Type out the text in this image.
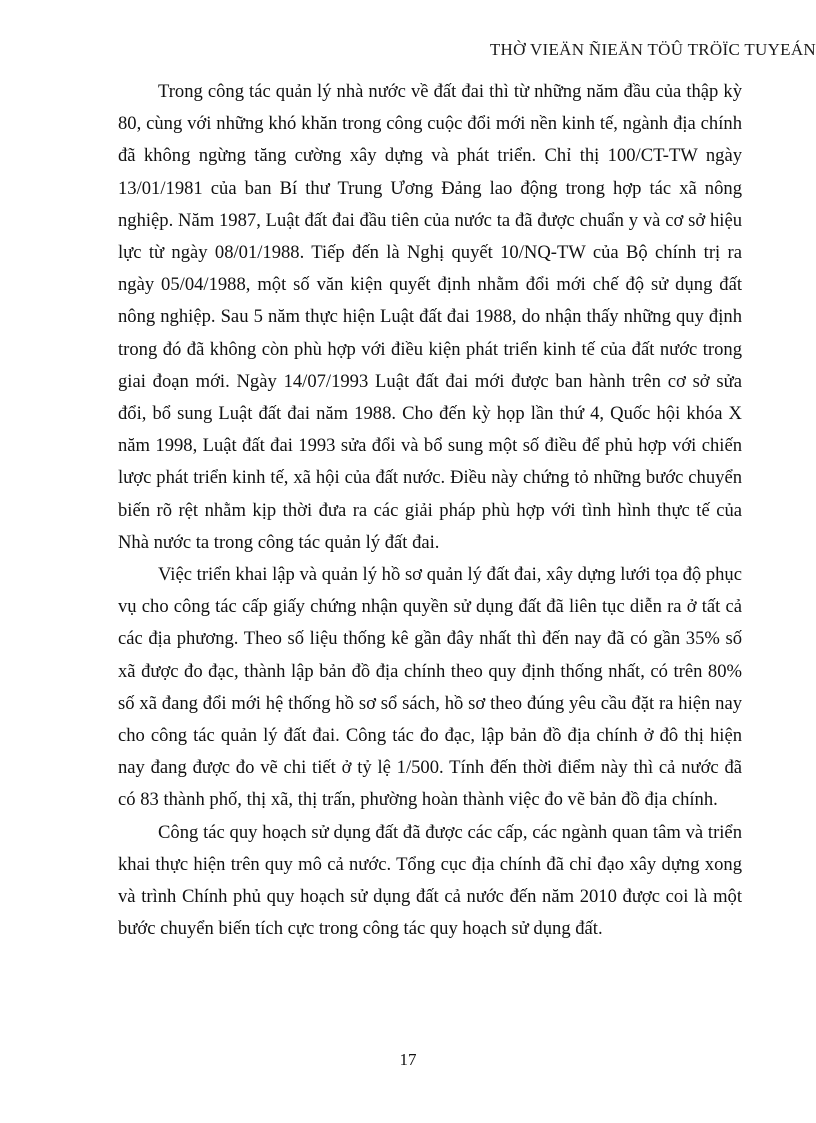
THỜ VIEÄN ÑIEÄN TÖÛ TRÖÏC TUYEÁN

Trong công tác quản lý nhà nước về đất đai thì từ những năm đầu của thập kỳ 80, cùng với những khó khăn trong công cuộc đổi mới nền kinh tế, ngành địa chính đã không ngừng tăng cường xây dựng và phát triển. Chỉ thị 100/CT-TW ngày 13/01/1981 của ban Bí thư Trung Ương Đảng lao động trong hợp tác xã nông nghiệp. Năm 1987, Luật đất đai đầu tiên của nước ta đã được chuẩn y và cơ sở hiệu lực từ ngày 08/01/1988. Tiếp đến là Nghị quyết 10/NQ-TW của Bộ chính trị ra ngày 05/04/1988, một số văn kiện quyết định nhằm đổi mới chế độ sử dụng đất nông nghiệp. Sau 5 năm thực hiện Luật đất đai 1988, do nhận thấy những quy định trong đó đã không còn phù hợp với điều kiện phát triển kinh tế của đất nước trong giai đoạn mới. Ngày 14/07/1993 Luật đất đai mới được ban hành trên cơ sở sửa đổi, bổ sung Luật đất đai năm 1988. Cho đến kỳ họp lần thứ 4, Quốc hội khóa X năm 1998, Luật đất đai 1993 sửa đổi và bổ sung một số điều để phủ hợp với chiến lược phát triển kinh tế, xã hội của đất nước. Điều này chứng tỏ những bước chuyển biến rõ rệt nhằm kịp thời đưa ra các giải pháp phù hợp với tình hình thực tế của Nhà nước ta trong công tác quản lý đất đai.

Việc triển khai lập và quản lý hồ sơ quản lý đất đai, xây dựng lưới tọa độ phục vụ cho công tác cấp giấy chứng nhận quyền sử dụng đất đã liên tục diễn ra ở tất cả các địa phương. Theo số liệu thống kê gần đây nhất thì đến nay đã có gần 35% số xã được đo đạc, thành lập bản đồ địa chính theo quy định thống nhất, có trên 80% số xã đang đổi mới hệ thống hồ sơ sổ sách, hồ sơ theo đúng yêu cầu đặt ra hiện nay cho công tác quản lý đất đai. Công tác đo đạc, lập bản đồ địa chính ở đô thị hiện nay đang được đo vẽ chi tiết ở tỷ lệ 1/500. Tính đến thời điểm này thì cả nước đã có 83 thành phố, thị xã, thị trấn, phường hoàn thành việc đo vẽ bản đồ địa chính.

Công tác quy hoạch sử dụng đất đã được các cấp, các ngành quan tâm và triển khai thực hiện trên quy mô cả nước. Tổng cục địa chính đã chỉ đạo xây dựng xong và trình Chính phủ quy hoạch sử dụng đất cả nước đến năm 2010 được coi là một bước chuyển biến tích cực trong công tác quy hoạch sử dụng đất.

17
